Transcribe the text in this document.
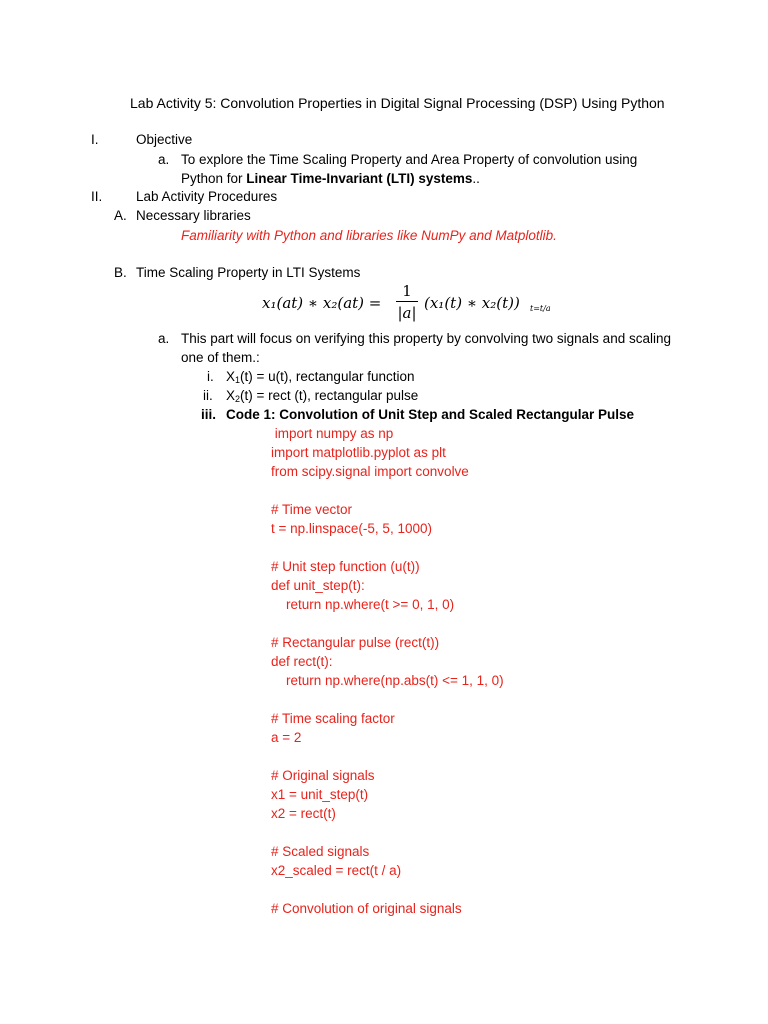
Lab Activity 5: Convolution Properties in Digital Signal Processing (DSP) Using Python
I.	Objective
a. To explore the Time Scaling Property and Area Property of convolution using
Python for Linear Time-Invariant (LTI) systems..
II. Lab Activity Procedures
A. Necessary libraries
Familiarity with Python and libraries like NumPy and Matplotlib.
B. Time Scaling Property in LTI Systems
x₁(at) ∗ x₂(at) =
1
|a|
(x₁(t) ∗ x₂(t)) t=t/a
a. This part will focus on verifying this property by convolving two signals and scaling
one of them.:
i. $X_1(t) = u(t)$, rectangular function
ii. $X_2(t)$ = rect (t), rectangular pulse
iii. Code 1: Convolution of Unit Step and Scaled Rectangular Pulse
import numpy as np
import matplotlib.pyplot as plt
from scipy.signal import convolve
# Time vector
t = np.linspace(-5, 5, 1000)
# Unit step function (u(t))
def unit_step(t):
return np.where(t >= 0, 1, 0)
# Rectangular pulse (rect(t))
def rect(t):
return np.where(np.abs(t) <= 1, 1, 0)
# Time scaling factor
a = 2
# Original signals
x1 = unit_step(t)
x2 = rect(t)
# Scaled signals
x2_scaled = rect(t / a)
# Convolution of original signals
